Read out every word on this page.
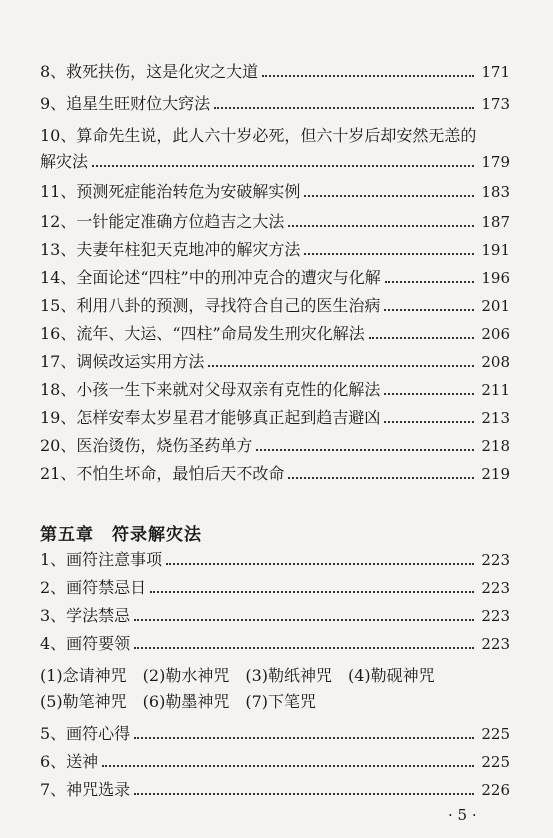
8、救死扶伤，这是化灾之大道	171
9、追星生旺财位大窍法	173
10、算命先生说，此人六十岁必死，但六十岁后却安然无恙的
解灾法	179
11、预测死症能治转危为安破解实例	183
12、一针能定准确方位趋吉之大法	187
13、夫妻年柱犯天克地冲的解灾方法	191
14、全面论述“四柱”中的刑冲克合的遭灾与化解	196
15、利用八卦的预测，寻找符合自己的医生治病	201
16、流年、大运、“四柱”命局发生刑灾化解法	206
17、调候改运实用方法	208
18、小孩一生下来就对父母双亲有克性的化解法	211
19、怎样安奉太岁星君才能够真正起到趋吉避凶	213
20、医治烫伤，烧伤圣药单方	218
21、不怕生坏命，最怕后天不改命	219
第五章　符录解灾法
1、画符注意事项	223
2、画符禁忌日	223
3、学法禁忌	223
4、画符要领	223
(1)念请神咒　(2)勒水神咒　(3)勒纸神咒　(4)勒砚神咒
(5)勒笔神咒　(6)勒墨神咒　(7)下笔咒
5、画符心得	225
6、送神	225
7、神咒选录	226
· 5 ·
